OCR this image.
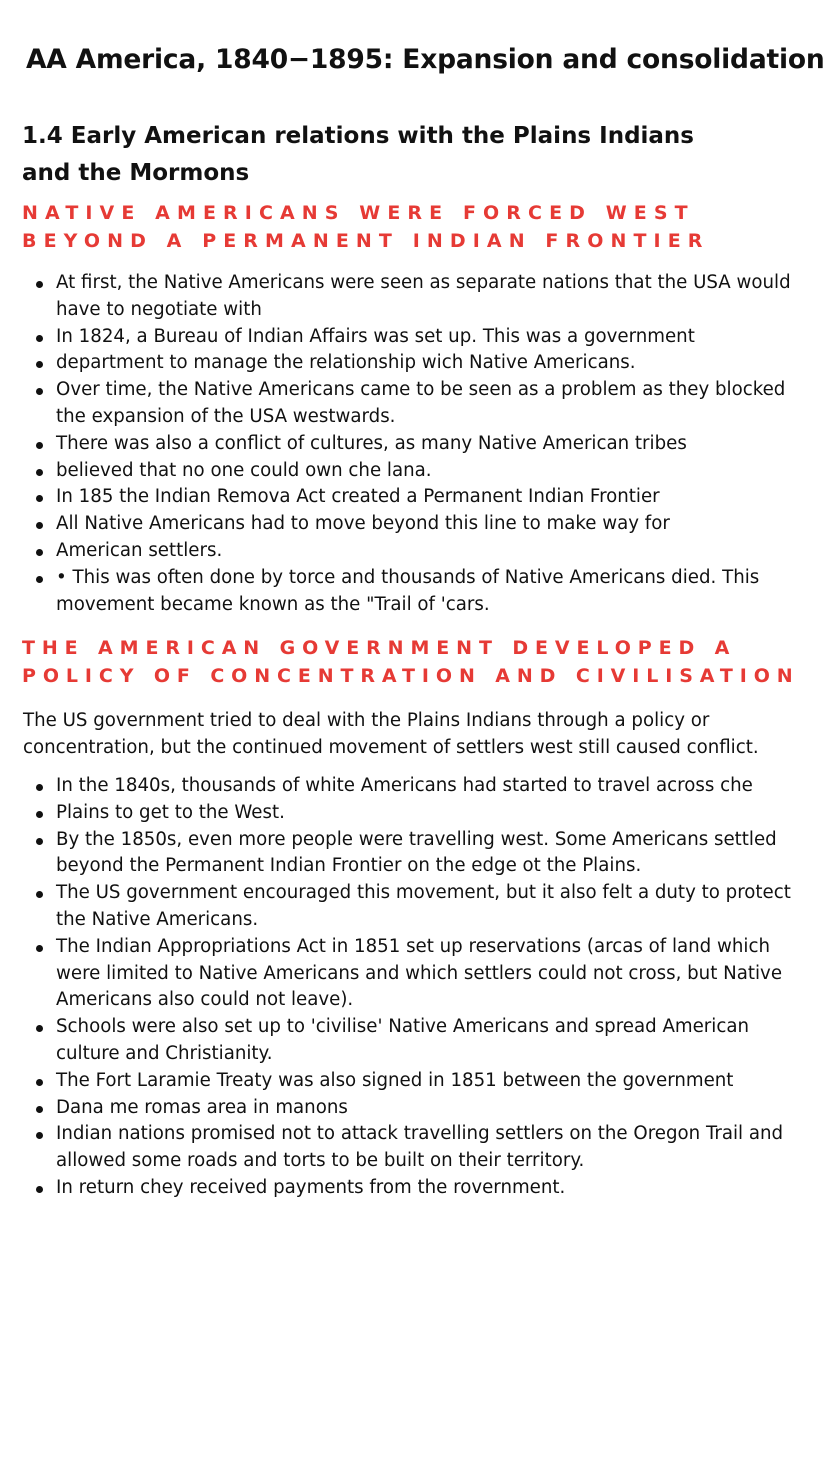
AA America, 1840−1895: Expansion and consolidation
1.4 Early American relations with the Plains Indians and the Mormons
NATIVE AMERICANS WERE FORCED WEST
BEYOND A PERMANENT INDIAN FRONTIER
At first, the Native Americans were seen as separate nations that the USA would have to negotiate with
In 1824, a Bureau of Indian Affairs was set up. This was a government
department to manage the relationship wich Native Americans.
Over time, the Native Americans came to be seen as a problem as they blocked the expansion of the USA westwards.
There was also a conflict of cultures, as many Native American tribes
believed that no one could own che lana.
In 185 the Indian Remova Act created a Permanent Indian Frontier
All Native Americans had to move beyond this line to make way for
American settlers.
• This was often done by torce and thousands of Native Americans died. This movement became known as the "Trail of 'cars.
THE AMERICAN GOVERNMENT DEVELOPED A
POLICY OF CONCENTRATION AND CIVILISATION

The US government tried to deal with the Plains Indians through a policy or concentration, but the continued movement of settlers west still caused conflict.

In the 1840s, thousands of white Americans had started to travel across che
Plains to get to the West.
By the 1850s, even more people were travelling west. Some Americans settled beyond the Permanent Indian Frontier on the edge ot the Plains.
The US government encouraged this movement, but it also felt a duty to protect the Native Americans.
The Indian Appropriations Act in 1851 set up reservations (arcas of land which were limited to Native Americans and which settlers could not cross, but Native Americans also could not leave).
Schools were also set up to 'civilise' Native Americans and spread American culture and Christianity.
The Fort Laramie Treaty was also signed in 1851 between the government
Dana me romas area in manons
Indian nations promised not to attack travelling settlers on the Oregon Trail and allowed some roads and torts to be built on their territory.
In return chey received payments from the rovernment.
